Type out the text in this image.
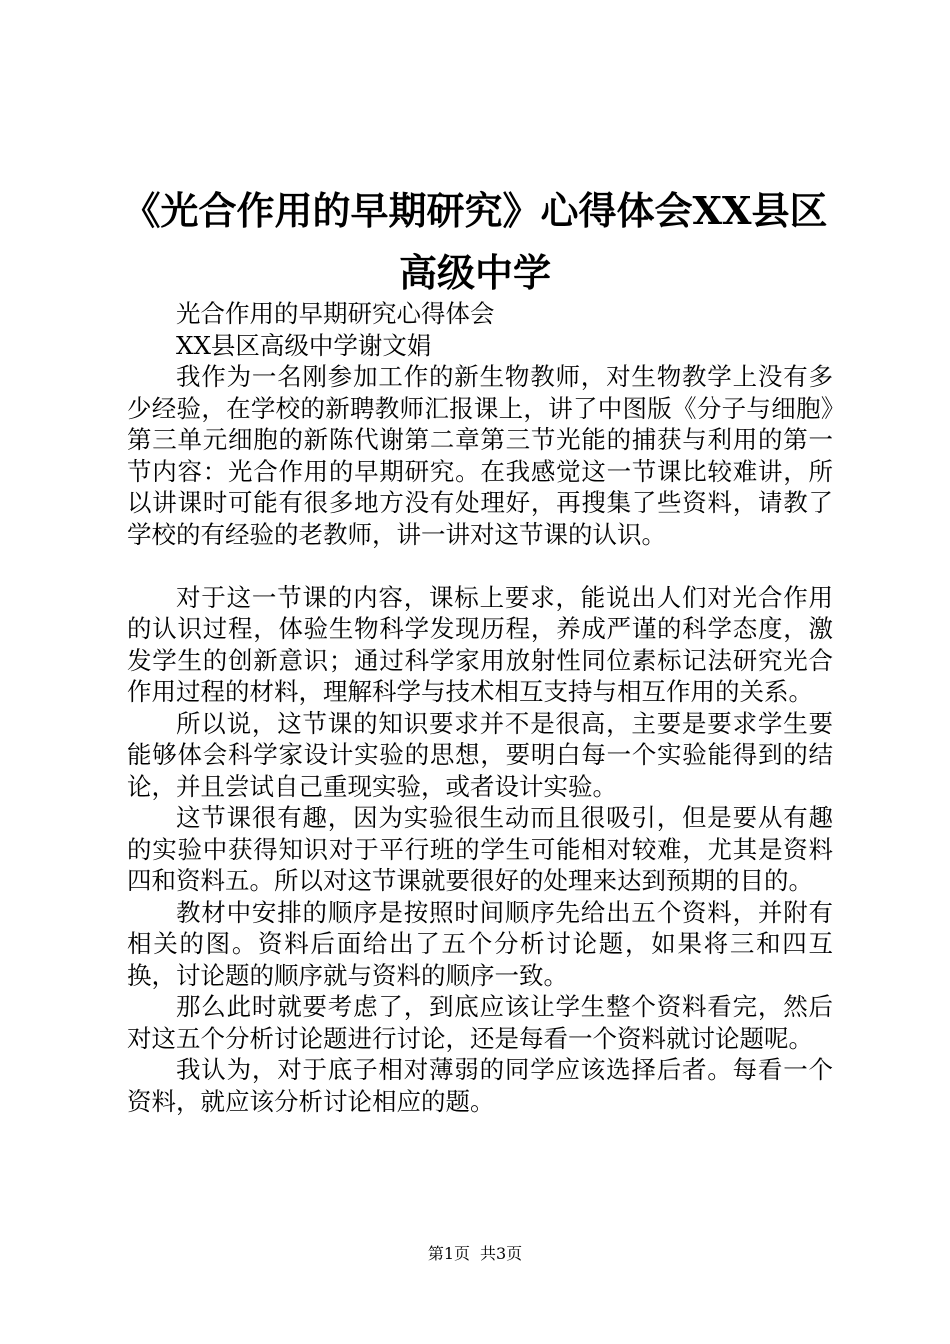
《光合作用的早期研究》心得体会XX县区高级中学

光合作用的早期研究心得体会

XX县区高级中学谢文娟

我作为一名刚参加工作的新生物教师，对生物教学上没有多少经验，在学校的新聘教师汇报课上，讲了中图版《分子与细胞》第三单元细胞的新陈代谢第二章第三节光能的捕获与利用的第一节内容：光合作用的早期研究。在我感觉这一节课比较难讲，所以讲课时可能有很多地方没有处理好，再搜集了些资料，请教了学校的有经验的老教师，讲一讲对这节课的认识。

对于这一节课的内容，课标上要求，能说出人们对光合作用的认识过程，体验生物科学发现历程，养成严谨的科学态度，激发学生的创新意识；通过科学家用放射性同位素标记法研究光合作用过程的材料，理解科学与技术相互支持与相互作用的关系。

所以说，这节课的知识要求并不是很高，主要是要求学生要能够体会科学家设计实验的思想，要明白每一个实验能得到的结论，并且尝试自己重现实验，或者设计实验。

这节课很有趣，因为实验很生动而且很吸引，但是要从有趣的实验中获得知识对于平行班的学生可能相对较难，尤其是资料四和资料五。所以对这节课就要很好的处理来达到预期的目的。

教材中安排的顺序是按照时间顺序先给出五个资料，并附有相关的图。资料后面给出了五个分析讨论题，如果将三和四互换，讨论题的顺序就与资料的顺序一致。

那么此时就要考虑了，到底应该让学生整个资料看完，然后对这五个分析讨论题进行讨论，还是每看一个资料就讨论题呢。

我认为，对于底子相对薄弱的同学应该选择后者。每看一个资料，就应该分析讨论相应的题。

第1页 共3页
